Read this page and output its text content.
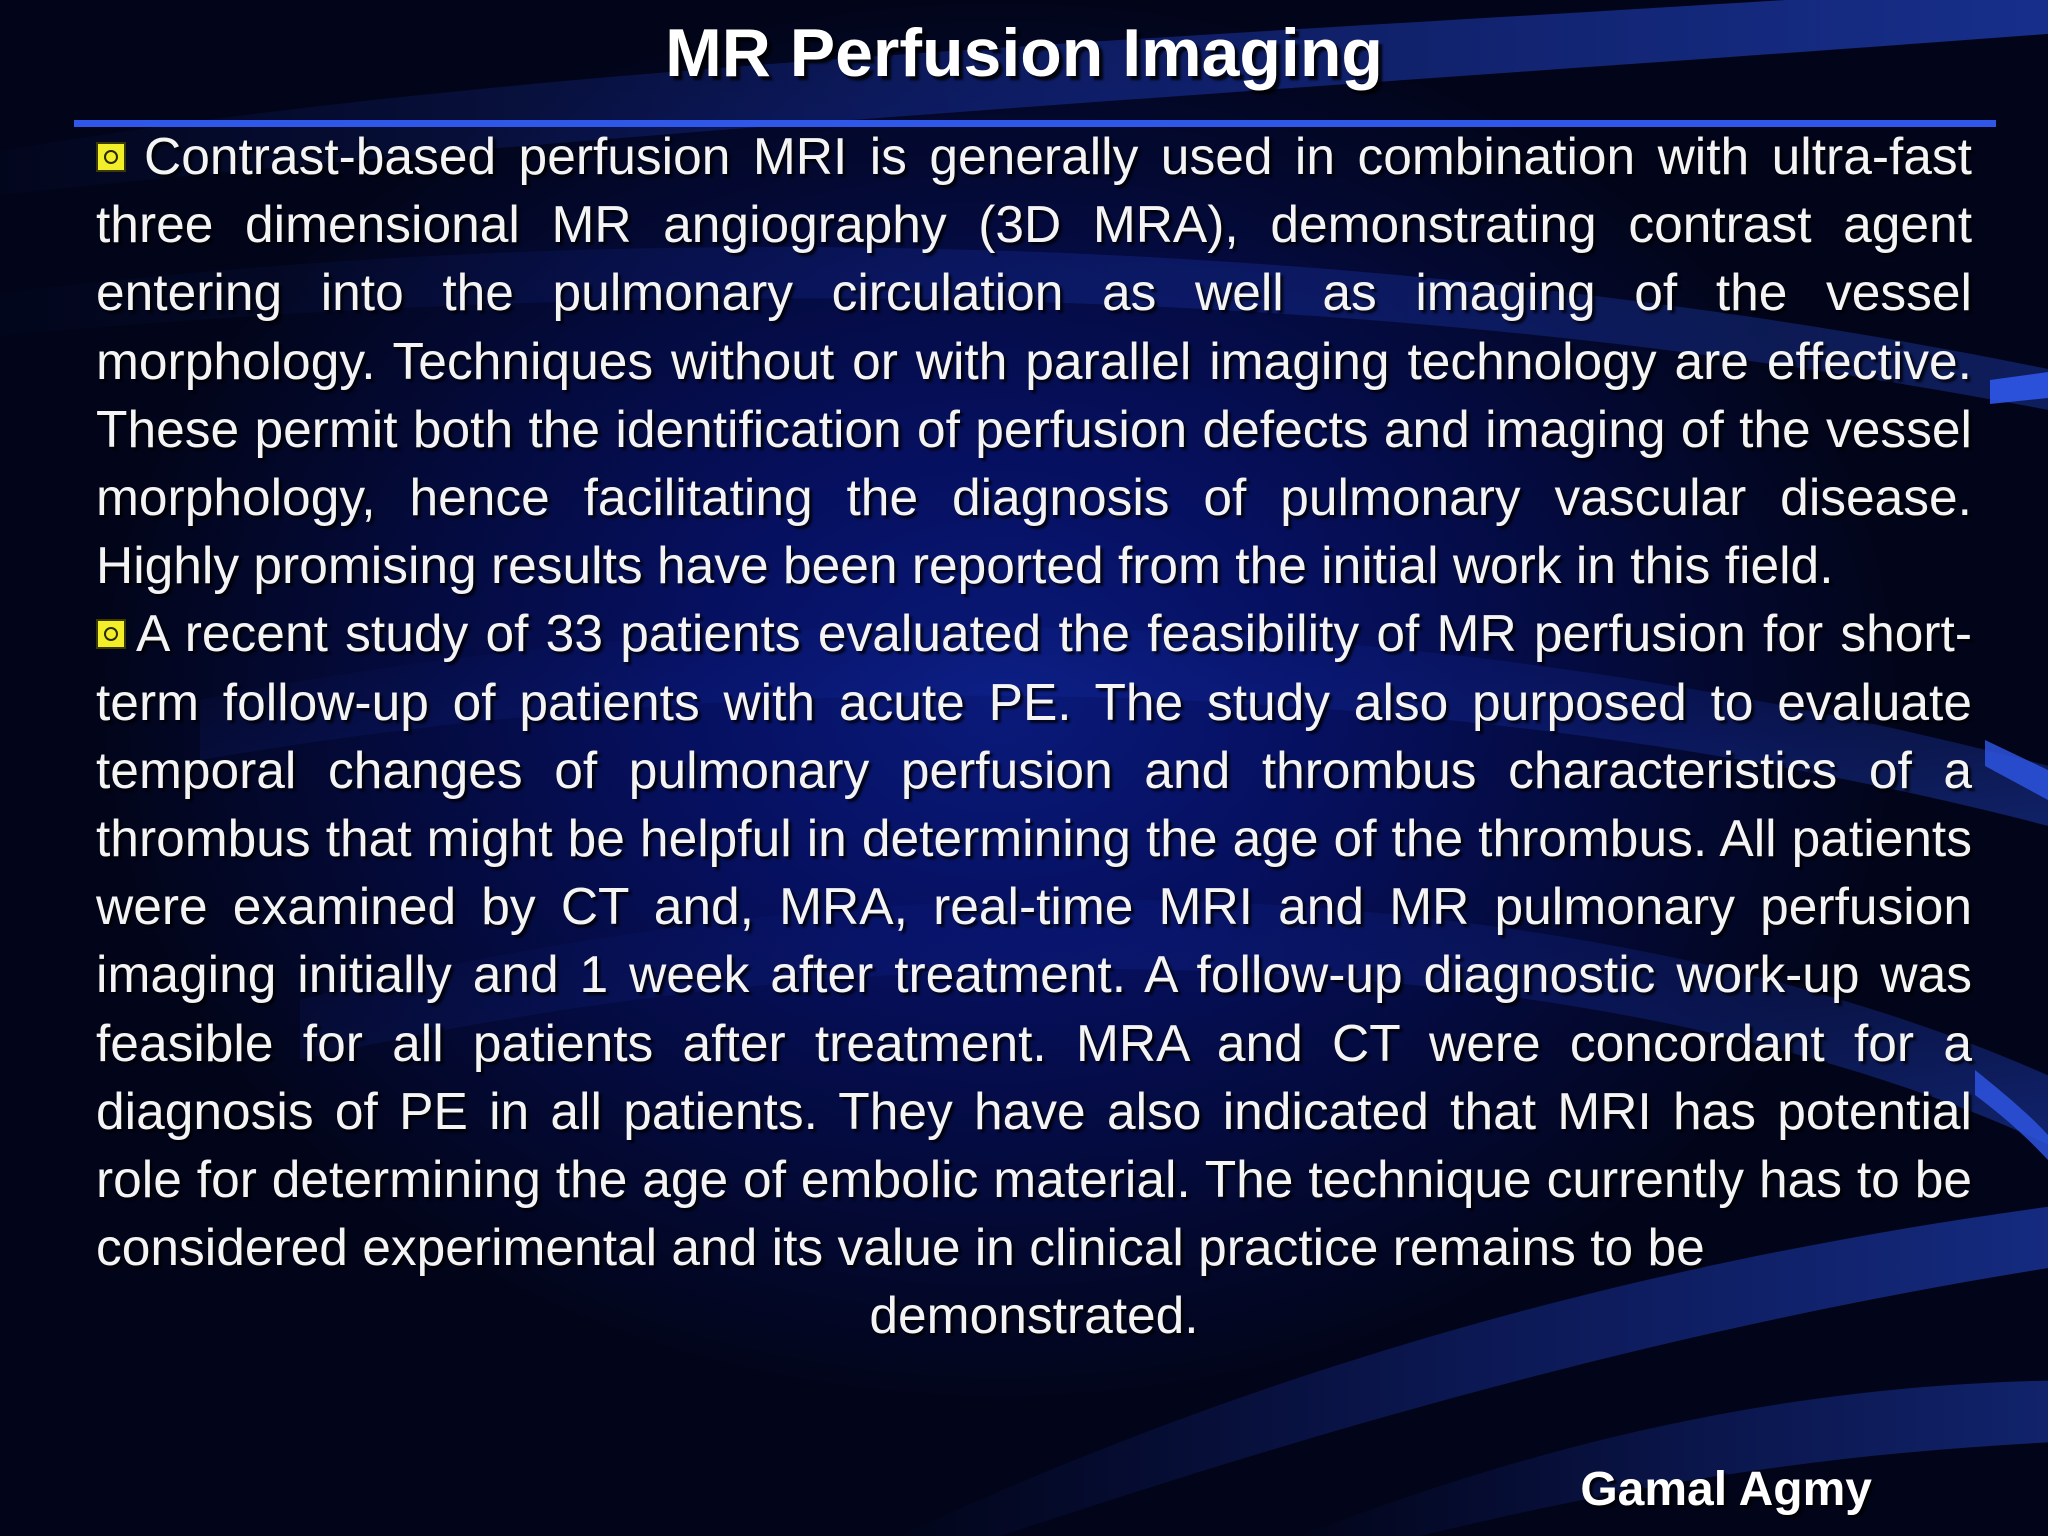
MR Perfusion Imaging

Contrast-based perfusion MRI is generally used in combination with ultra-fast three dimensional MR angiography (3D MRA), demonstrating contrast agent entering into the pulmonary circulation as well as imaging of the vessel morphology. Techniques without or with parallel imaging technology are effective. These permit both the identification of perfusion defects and imaging of the vessel morphology, hence facilitating the diagnosis of pulmonary vascular disease. Highly promising results have been reported from the initial work in this field.

A recent study of 33 patients evaluated the feasibility of MR perfusion for short-term follow-up of patients with acute PE. The study also purposed to evaluate temporal changes of pulmonary perfusion and thrombus characteristics of a thrombus that might be helpful in determining the age of the thrombus. All patients were examined by CT and, MRA, real-time MRI and MR pulmonary perfusion imaging initially and 1 week after treatment. A follow-up diagnostic work-up was feasible for all patients after treatment. MRA and CT were concordant for a diagnosis of PE in all patients. They have also indicated that MRI has potential role for determining the age of embolic material. The technique currently has to be considered experimental and its value in clinical practice remains to be

demonstrated.

Gamal Agmy
